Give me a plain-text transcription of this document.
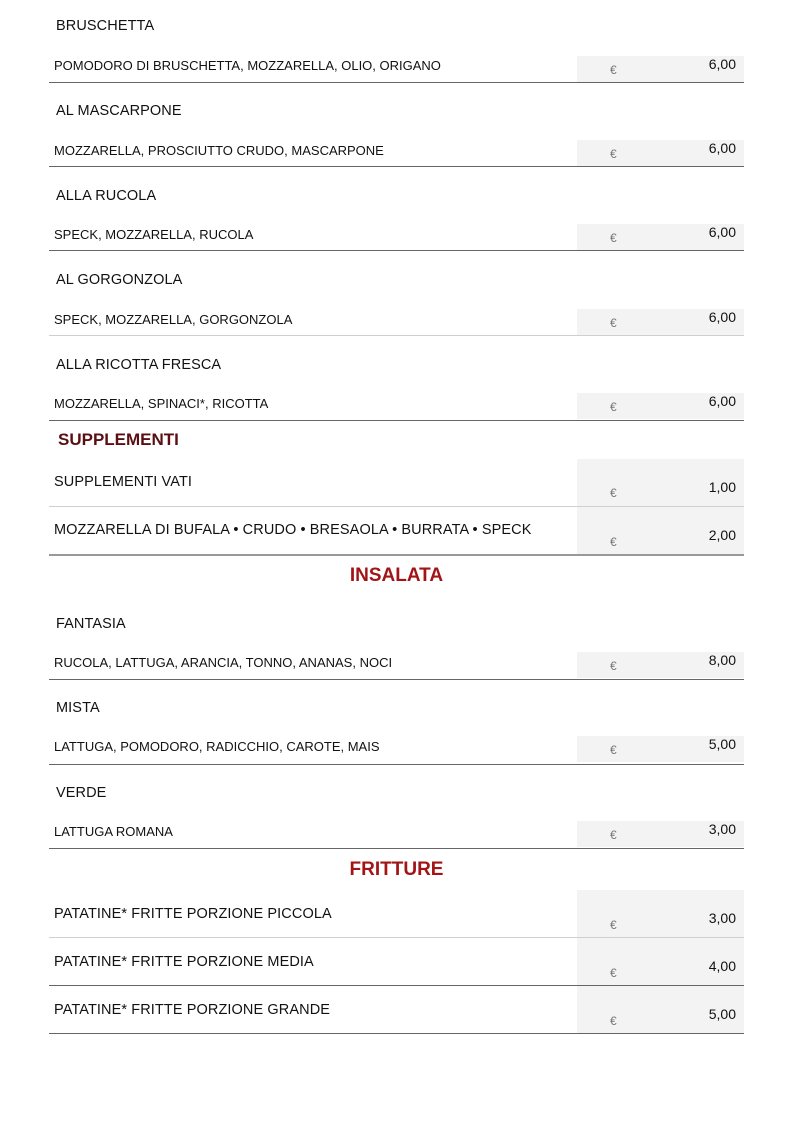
BRUSCHETTA
POMODORO DI BRUSCHETTA, MOZZARELLA, OLIO, ORIGANO	€	6,00
AL MASCARPONE
MOZZARELLA, PROSCIUTTO CRUDO, MASCARPONE	€	6,00
ALLA RUCOLA
SPECK, MOZZARELLA, RUCOLA	€	6,00
AL GORGONZOLA
SPECK, MOZZARELLA, GORGONZOLA	€	6,00
ALLA RICOTTA FRESCA
MOZZARELLA, SPINACI*, RICOTTA	€	6,00
SUPPLEMENTI
SUPPLEMENTI VATI
€	1,00
MOZZARELLA DI BUFALA • CRUDO • BRESAOLA • BURRATA • SPECK
€	2,00
INSALATA
FANTASIA
RUCOLA, LATTUGA, ARANCIA, TONNO, ANANAS, NOCI	€	8,00
MISTA
LATTUGA, POMODORO, RADICCHIO, CAROTE, MAIS	€	5,00
VERDE
LATTUGA ROMANA	€	3,00
FRITTURE
PATATINE* FRITTE PORZIONE PICCOLA
€	3,00
PATATINE* FRITTE PORZIONE MEDIA
€	4,00
PATATINE* FRITTE PORZIONE GRANDE
€	5,00
